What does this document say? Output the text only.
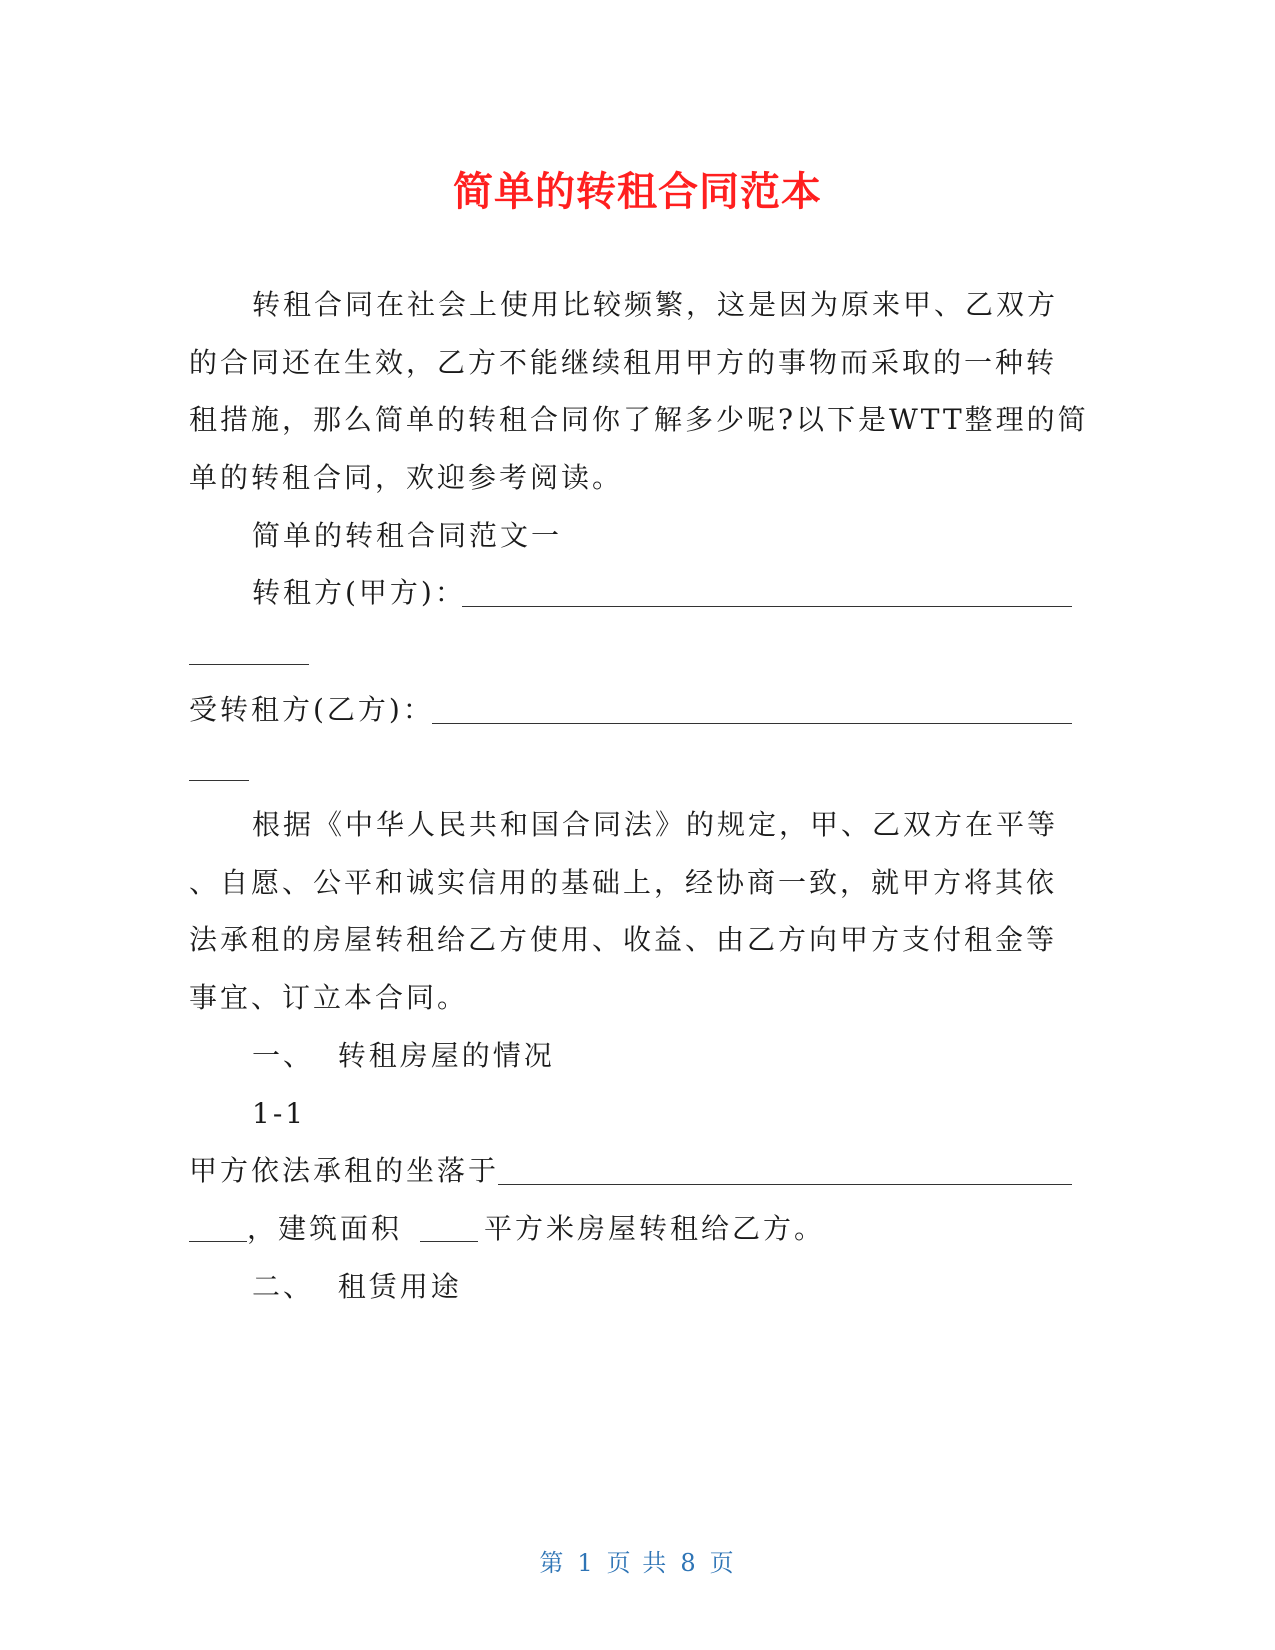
简单的转租合同范本
转租合同在社会上使用比较频繁，这是因为原来甲、乙双方
的合同还在生效，乙方不能继续租用甲方的事物而采取的一种转
租措施，那么简单的转租合同你了解多少呢?以下是WTT整理的简
单的转租合同，欢迎参考阅读。
简单的转租合同范文一
转租方(甲方)：
受转租方(乙方)：
根据《中华人民共和国合同法》的规定，甲、乙双方在平等
、自愿、公平和诚实信用的基础上，经协商一致，就甲方将其依
法承租的房屋转租给乙方使用、收益、由乙方向甲方支付租金等
事宜、订立本合同。
一、  转租房屋的情况
1-1
甲方依法承租的坐落于
，建筑面积	平方米房屋转租给乙方。
二、  租赁用途
第 1 页 共 8 页
